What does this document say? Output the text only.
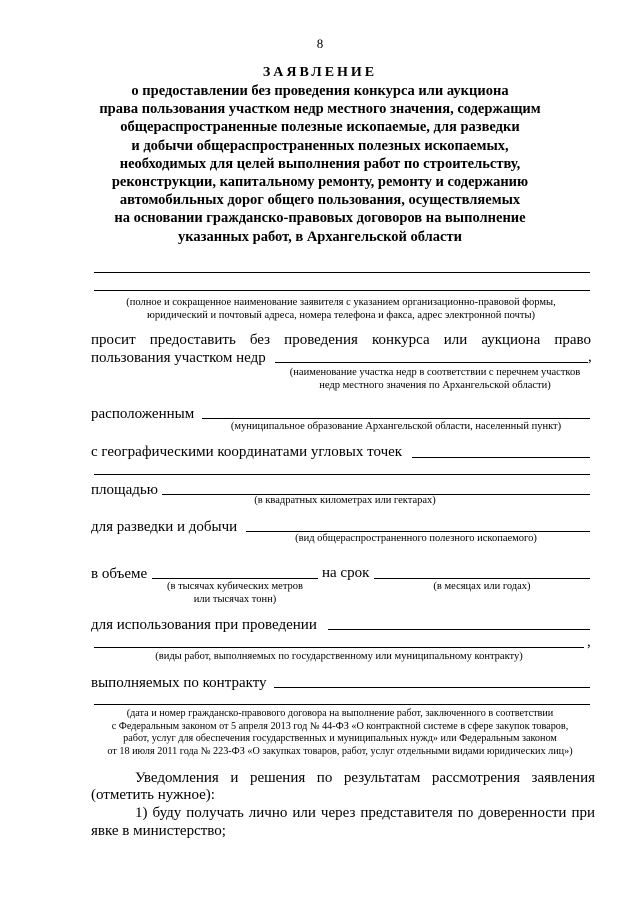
8
ЗАЯВЛЕНИЕ
о предоставлении без проведения конкурса или аукциона
права пользования участком недр местного значения, содержащим
общераспространенные полезные ископаемые, для разведки
и добычи общераспространенных полезных ископаемых,
необходимых для целей выполнения работ по строительству,
реконструкции, капитальному ремонту, ремонту и содержанию
автомобильных дорог общего пользования, осуществляемых
на основании гражданско-правовых договоров на выполнение
указанных работ, в Архангельской области
(полное и сокращенное наименование заявителя с указанием организационно-правовой формы,
юридический и почтовый адреса, номера телефона и факса, адрес электронной почты)
просит предоставить без проведения конкурса или аукциона право
пользования участком недр	,
(наименование участка недр в соответствии с перечнем участков
недр местного значения по Архангельской области)
расположенным
(муниципальное образование Архангельской области, населенный пункт)
с географическими координатами угловых точек
площадью
(в квадратных километрах или гектарах)
для разведки и добычи
(вид общераспространенного полезного ископаемого)
в объеме	на срок
(в тысячах кубических метров
или тысячах тонн)
(в месяцах или годах)
для использования при проведении
,
(виды работ, выполняемых по государственному или муниципальному контракту)
выполняемых по контракту
(дата и номер гражданско-правового договора на выполнение работ, заключенного в соответствии
с Федеральным законом от 5 апреля 2013 год № 44-ФЗ «О контрактной системе в сфере закупок товаров,
работ, услуг для обеспечения государственных и муниципальных нужд» или Федеральным законом
от 18 июля 2011 года № 223-ФЗ «О закупках товаров, работ, услуг отдельными видами юридических лиц»)
Уведомления и решения по результатам рассмотрения заявления
(отметить нужное):
1) буду получать лично или через представителя по доверенности при
явке в министерство;
